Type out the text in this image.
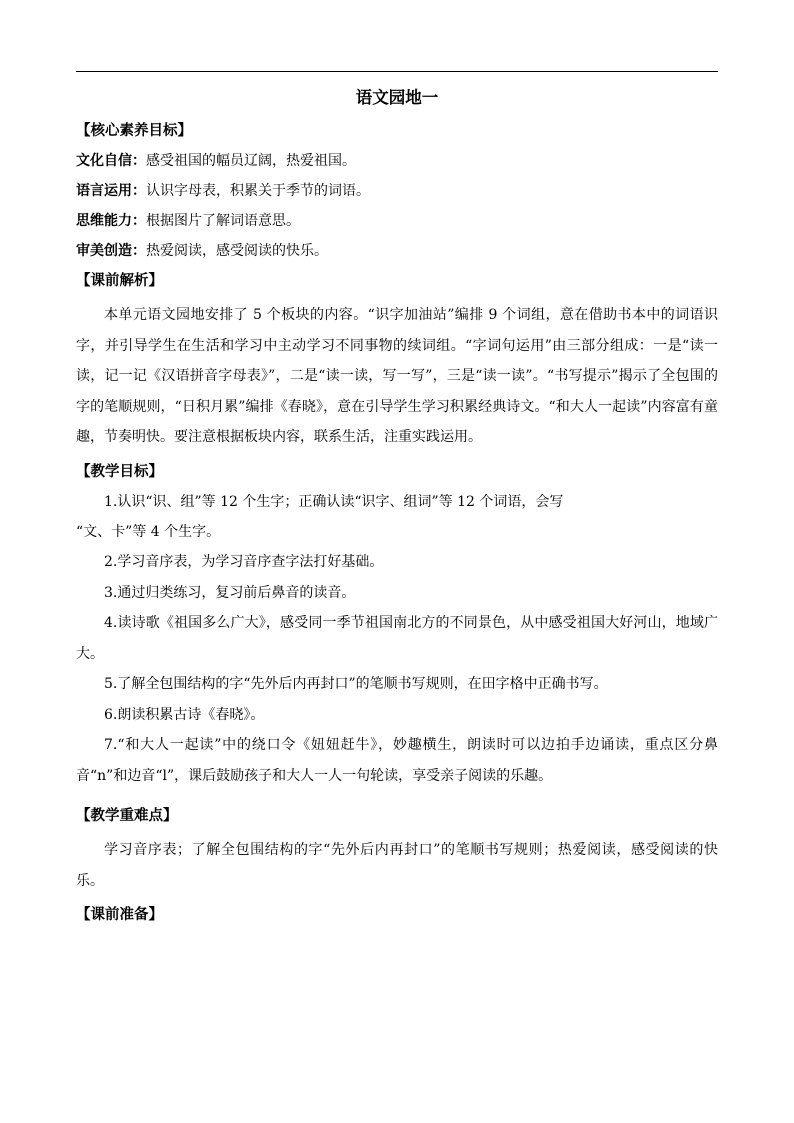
语文园地一
【核心素养目标】
文化自信：感受祖国的幅员辽阔，热爱祖国。
语言运用：认识字母表，积累关于季节的词语。
思维能力：根据图片了解词语意思。
审美创造：热爱阅读，感受阅读的快乐。
【课前解析】
本单元语文园地安排了 5 个板块的内容。“识字加油站”编排 9 个词组，意在借助书本中的词语识字，并引导学生在生活和学习中主动学习不同事物的续词组。“字词句运用”由三部分组成：一是“读一读，记一记《汉语拼音字母表》”，二是“读一读，写一写”，三是“读一读”。“书写提示”揭示了全包围的字的笔顺规则，“日积月累”编排《春晓》，意在引导学生学习积累经典诗文。“和大人一起读”内容富有童趣，节奏明快。要注意根据板块内容，联系生活，注重实践运用。
【教学目标】
1.认识“识、组”等 12 个生字；正确认读“识字、组词”等 12 个词语，会写
“文、卡”等 4 个生字。
2.学习音序表，为学习音序查字法打好基础。
3.通过归类练习，复习前后鼻音的读音。
4.读诗歌《祖国多么广大》，感受同一季节祖国南北方的不同景色，从中感受祖国大好河山，地域广大。
5.了解全包围结构的字“先外后内再封口”的笔顺书写规则，在田字格中正确书写。
6.朗读积累古诗《春晓》。
7.“和大人一起读”中的绕口令《妞妞赶牛》，妙趣横生，朗读时可以边拍手边诵读，重点区分鼻音“n”和边音“l”，课后鼓励孩子和大人一人一句轮读，享受亲子阅读的乐趣。
【教学重难点】
学习音序表；了解全包围结构的字“先外后内再封口”的笔顺书写规则；热爱阅读，感受阅读的快乐。
【课前准备】
